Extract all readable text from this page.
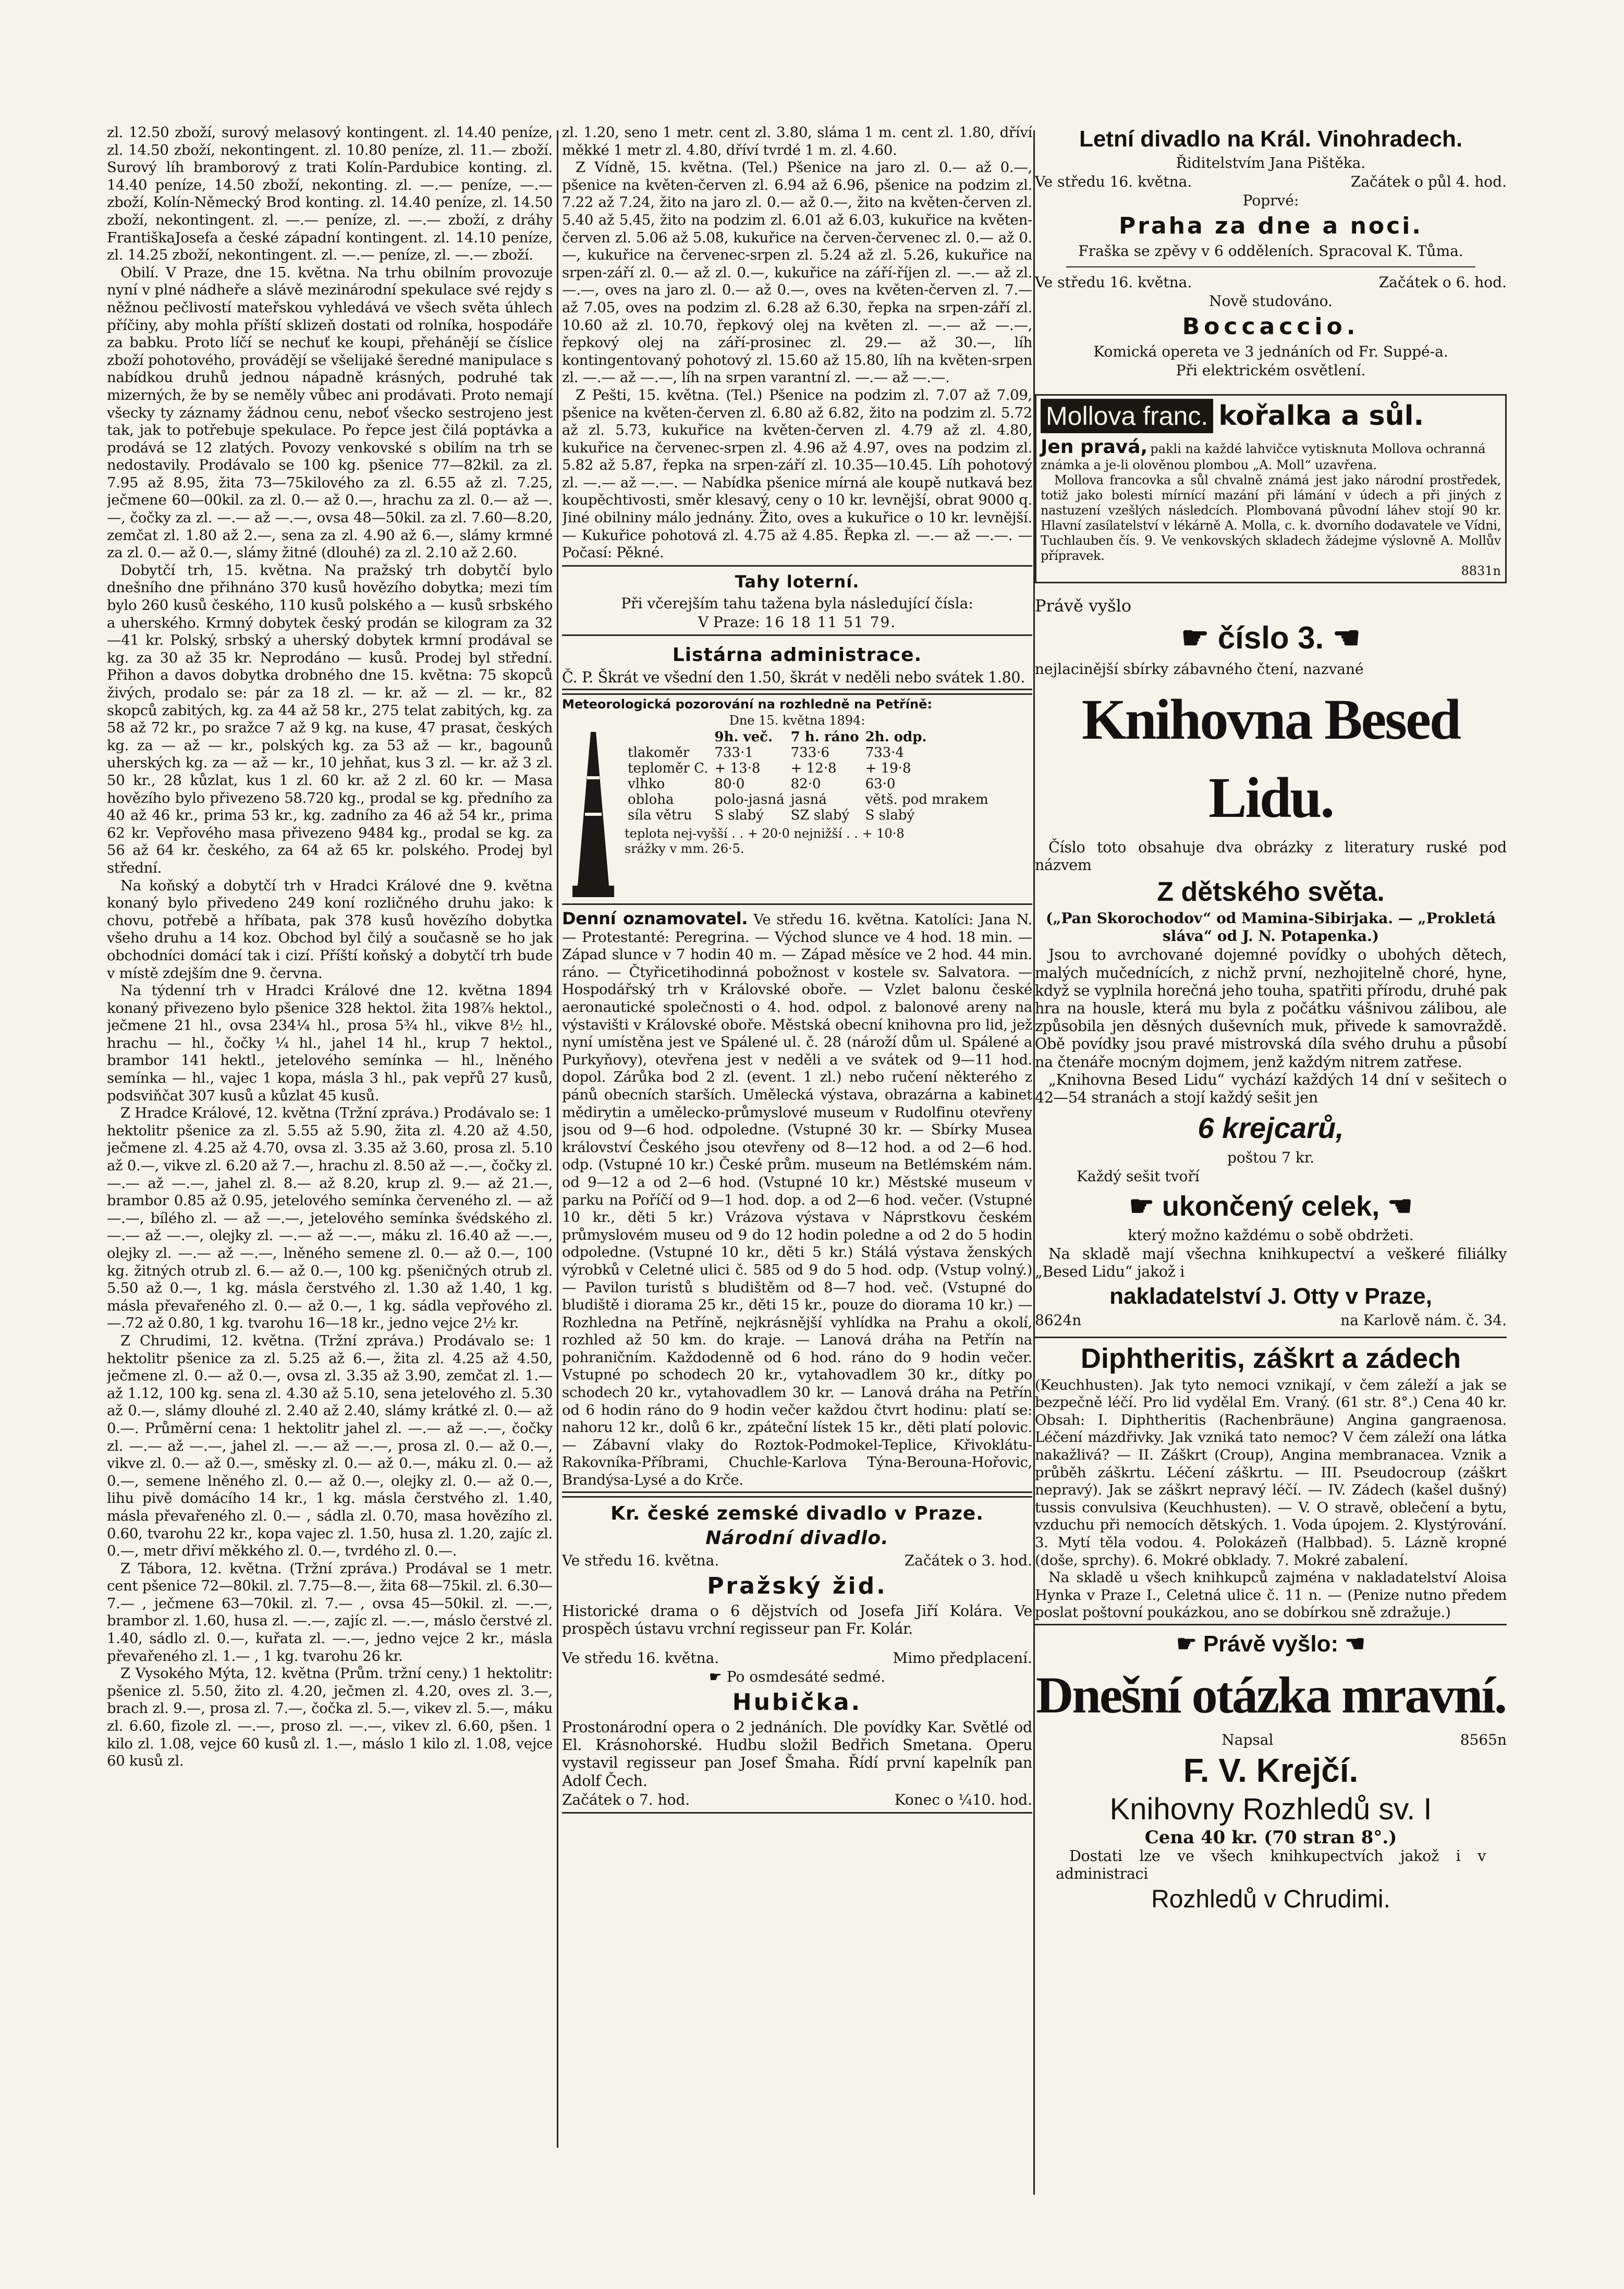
zl. 12.50 zboží, surový melasový kontingent. zl. 14.40 peníze, zl. 14.50 zboží, nekontingent. zl. 10.80 peníze, zl. 11.— zboží. Surový líh bramborový z trati Kolín-Pardubice konting. zl. 14.40 peníze, 14.50 zboží, nekonting. zl. —.— peníze, —.— zboží, Kolín-Německý Brod konting. zl. 14.40 peníze, zl. 14.50 zboží, nekontingent. zl. —.— peníze, zl. —.— zboží, z dráhy FrantiškaJosefa a české západní kontingent. zl. 14.10 peníze, zl. 14.25 zboží, nekontingent. zl. —.— peníze, zl. —.— zboží.

Obilí. V Praze, dne 15. května. Na trhu obilním provozuje nyní v plné nádheře a slávě mezinárodní spekulace své rejdy s něžnou pečlivostí mateřskou vyhledává ve všech světa úhlech příčiny, aby mohla příští sklizeň dostati od rolníka, hospodáře za babku. Proto líčí se nechuť ke koupi, přehánějí se číslice zboží pohotového, provádějí se všelijaké šeredné manipulace s nabídkou druhů jednou nápadně krásných, podruhé tak mizerných, že by se neměly vůbec ani prodávati. Proto nemají všecky ty záznamy žádnou cenu, neboť všecko sestrojeno jest tak, jak to potřebuje spekulace. Po řepce jest čilá poptávka a prodává se 12 zlatých. Povozy venkovské s obilím na trh se nedostavily. Prodávalo se 100 kg. pšenice 77—82kil. za zl. 7.95 až 8.95, žita 73—75kilového za zl. 6.55 až zl. 7.25, ječmene 60—00kil. za zl. 0.— až 0.—, hrachu za zl. 0.— až —.—, čočky za zl. —.— až —.—, ovsa 48—50kil. za zl. 7.60—8.20, zemčat zl. 1.80 až 2.—, sena za zl. 4.90 až 6.—, slámy krmné za zl. 0.— až 0.—, slámy žitné (dlouhé) za zl. 2.10 až 2.60.

Dobytčí trh, 15. května. Na pražský trh dobytčí bylo dnešního dne přihnáno 370 kusů hovězího dobytka; mezi tím bylo 260 kusů českého, 110 kusů polského a — kusů srbského a uherského. Krmný dobytek český prodán se kilogram za 32—41 kr. Polský, srbský a uherský dobytek krmní prodával se kg. za 30 až 35 kr. Neprodáno — kusů. Prodej byl střední. Přihon a davos dobytka drobného dne 15. května: 75 skopců živých, prodalo se: pár za 18 zl. — kr. až — zl. — kr., 82 skopců zabitých, kg. za 44 až 58 kr., 275 telat zabitých, kg. za 58 až 72 kr., po sražce 7 až 9 kg. na kuse, 47 prasat, českých kg. za — až — kr., polských kg. za 53 až — kr., bagounů uherských kg. za — až — kr., 10 jehňat, kus 3 zl. — kr. až 3 zl. 50 kr., 28 kůzlat, kus 1 zl. 60 kr. až 2 zl. 60 kr. — Masa hovězího bylo přivezeno 58.720 kg., prodal se kg. předního za 40 až 46 kr., prima 53 kr., kg. zadního za 46 až 54 kr., prima 62 kr. Vepřového masa přivezeno 9484 kg., prodal se kg. za 56 až 64 kr. českého, za 64 až 65 kr. polského. Prodej byl střední.

Na koňský a dobytčí trh v Hradci Králové dne 9. května konaný bylo přivedeno 249 koní rozličného druhu jako: k chovu, potřebě a hříbata, pak 378 kusů hovězího dobytka všeho druhu a 14 koz. Obchod byl čilý a současně se ho jak obchodníci domácí tak i cizí. Příští koňský a dobytčí trh bude v místě zdejším dne 9. června.

Na týdenní trh v Hradci Králové dne 12. května 1894 konaný přivezeno bylo pšenice 328 hektol. žita 198⅞ hektol., ječmene 21 hl., ovsa 234¼ hl., prosa 5¾ hl., vikve 8½ hl., hrachu — hl., čočky ¼ hl., jahel 14 hl., krup 7 hektol., brambor 141 hektl., jetelového semínka — hl., lněného semínka — hl., vajec 1 kopa, másla 3 hl., pak vepřů 27 kusů, podsviňčat 307 kusů a kůzlat 45 kusů.

Z Hradce Králové, 12. května (Tržní zpráva.) Prodávalo se: 1 hektolitr pšenice za zl. 5.55 až 5.90, žita zl. 4.20 až 4.50, ječmene zl. 4.25 až 4.70, ovsa zl. 3.35 až 3.60, prosa zl. 5.10 až 0.—, vikve zl. 6.20 až 7.—, hrachu zl. 8.50 až —.—, čočky zl. —.— až —.—, jahel zl. 8.— až 8.20, krup zl. 9.— až 21.—, brambor 0.85 až 0.95, jetelového semínka červeného zl. — až —.—, bílého zl. — až —.—, jetelového semínka švédského zl. —.— až —.—, olejky zl. —.— až —.—, máku zl. 16.40 až —.—, olejky zl. —.— až —.—, lněného semene zl. 0.— až 0.—, 100 kg. žitných otrub zl. 6.— až 0.—, 100 kg. pšeničných otrub zl. 5.50 až 0.—, 1 kg. másla čerstvého zl. 1.30 až 1.40, 1 kg. másla převařeného zl. 0.— až 0.—, 1 kg. sádla vepřového zl. —.72 až 0.80, 1 kg. tvarohu 16—18 kr., jedno vejce 2½ kr.

Z Chrudimi, 12. května. (Tržní zpráva.) Prodávalo se: 1 hektolitr pšenice za zl. 5.25 až 6.—, žita zl. 4.25 až 4.50, ječmene zl. 0.— až 0.—, ovsa zl. 3.35 až 3.90, zemčat zl. 1.— až 1.12, 100 kg. sena zl. 4.30 až 5.10, sena jetelového zl. 5.30 až 0.—, slámy dlouhé zl. 2.40 až 2.40, slámy krátké zl. 0.— až 0.—. Průměrní cena: 1 hektolitr jahel zl. —.— až —.—, čočky zl. —.— až —.—, jahel zl. —.— až —.—, prosa zl. 0.— až 0.—, vikve zl. 0.— až 0.—, směsky zl. 0.— až 0.—, máku zl. 0.— až 0.—, semene lněného zl. 0.— až 0.—, olejky zl. 0.— až 0.—, lihu pivě domácího 14 kr., 1 kg. másla čerstvého zl. 1.40, másla převařeného zl. 0.— , sádla zl. 0.70, masa hovězího zl. 0.60, tvarohu 22 kr., kopa vajec zl. 1.50, husa zl. 1.20, zajíc zl. 0.—, metr dřiví měkkého zl. 0.—, tvrdého zl. 0.—.

Z Tábora, 12. května. (Tržní zpráva.) Prodával se 1 metr. cent pšenice 72—80kil. zl. 7.75—8.—, žita 68—75kil. zl. 6.30—7.— , ječmene 63—70kil. zl. 7.— , ovsa 45—50kil. zl. —.—, brambor zl. 1.60, husa zl. —.—, zajíc zl. —.—, máslo čerstvé zl. 1.40, sádlo zl. 0.—, kuřata zl. —.—, jedno vejce 2 kr., másla převařeného zl. 1.— , 1 kg. tvarohu 26 kr.

Z Vysokého Mýta, 12. května (Prům. tržní ceny.) 1 hektolitr: pšenice zl. 5.50, žito zl. 4.20, ječmen zl. 4.20, oves zl. 3.—, brach zl. 9.—, prosa zl. 7.—, čočka zl. 5.—, vikev zl. 5.—, máku zl. 6.60, fizole zl. —.—, proso zl. —.—, vikev zl. 6.60, pšen. 1 kilo zl. 1.08, vejce 60 kusů zl. 1.—, máslo 1 kilo zl. 1.08, vejce 60 kusů zl.

zl. 1.20, seno 1 metr. cent zl. 3.80, sláma 1 m. cent zl. 1.80, dříví měkké 1 metr zl. 4.80, dříví tvrdé 1 m. zl. 4.60.

Z Vídně, 15. května. (Tel.) Pšenice na jaro zl. 0.— až 0.—, pšenice na květen-červen zl. 6.94 až 6.96, pšenice na podzim zl. 7.22 až 7.24, žito na jaro zl. 0.— až 0.—, žito na květen-červen zl. 5.40 až 5.45, žito na podzim zl. 6.01 až 6.03, kukuřice na květen-červen zl. 5.06 až 5.08, kukuřice na červen-červenec zl. 0.— až 0.—, kukuřice na červenec-srpen zl. 5.24 až zl. 5.26, kukuřice na srpen-září zl. 0.— až zl. 0.—, kukuřice na září-říjen zl. —.— až zl. —.—, oves na jaro zl. 0.— až 0.—, oves na květen-červen zl. 7.— až 7.05, oves na podzim zl. 6.28 až 6.30, řepka na srpen-září zl. 10.60 až zl. 10.70, řepkový olej na květen zl. —.— až —.—, řepkový olej na září-prosinec zl. 29.— až 30.—, líh kontingentovaný pohotový zl. 15.60 až 15.80, líh na květen-srpen zl. —.— až —.—, líh na srpen varantní zl. —.— až —.—.

Z Pešti, 15. května. (Tel.) Pšenice na podzim zl. 7.07 až 7.09, pšenice na květen-červen zl. 6.80 až 6.82, žito na podzim zl. 5.72 až zl. 5.73, kukuřice na květen-červen zl. 4.79 až zl. 4.80, kukuřice na červenec-srpen zl. 4.96 až 4.97, oves na podzim zl. 5.82 až 5.87, řepka na srpen-září zl. 10.35—10.45. Líh pohotový zl. —.— až —.—. — Nabídka pšenice mírná ale koupě nutkavá bez koupěchtivosti, směr klesavý, ceny o 10 kr. levnější, obrat 9000 q. Jiné obilniny málo jednány. Žito, oves a kukuřice o 10 kr. levnější. — Kukuřice pohotová zl. 4.75 až 4.85. Řepka zl. —.— až —.—. — Počasí: Pěkné.

Tahy loterní.
Při včerejším tahu tažena byla následující čísla:
V Praze: 16 18 11 51 79.
Listárna administrace.

Č. P. Škrát ve všední den 1.50, škrát v neděli nebo svátek 1.80.

Meteorologická pozorování na rozhledně na Petříně:
Dne 15. května 1894:
	9h. več.	7 h. ráno	2h. odp.
tlakoměr	733·1	733·6	733·4
teploměr C.	+ 13·8	+ 12·8	+ 19·8
vlhko	80·0	82·0	63·0
obloha	polo-jasná	jasná	větš. pod mrakem
síla větru	S slabý	SZ slabý	S slabý
teplota nej-vyšší . . + 20·0 nejnižší . . + 10·8
srážky v mm. 26·5.

Denní oznamovatel. Ve středu 16. května. Katolíci: Jana N. — Protestanté: Peregrina. — Východ slunce ve 4 hod. 18 min. — Západ slunce v 7 hodin 40 m. — Západ měsíce ve 2 hod. 44 min. ráno. — Čtyřicetihodinná pobožnost v kostele sv. Salvatora. — Hospodářský trh v Královské oboře. — Vzlet balonu české aeronautické společnosti o 4. hod. odpol. z balonové areny na výstavišti v Královské oboře. Městská obecní knihovna pro lid, jež nyní umístěna jest ve Spálené ul. č. 28 (nároží dům ul. Spálené a Purkyňovy), otevřena jest v neděli a ve svátek od 9—11 hod. dopol. Zárůka bod 2 zl. (event. 1 zl.) nebo ručení některého z pánů obecních starších. Umělecká výstava, obrazárna a kabinet mědirytin a umělecko-průmyslové museum v Rudolfinu otevřeny jsou od 9—6 hod. odpoledne. (Vstupné 30 kr. — Sbírky Musea království Českého jsou otevřeny od 8—12 hod. a od 2—6 hod. odp. (Vstupné 10 kr.) České prům. museum na Betlémském nám. od 9—12 a od 2—6 hod. (Vstupné 10 kr.) Městské museum v parku na Poříčí od 9—1 hod. dop. a od 2—6 hod. večer. (Vstupné 10 kr., děti 5 kr.) Vrázova výstava v Náprstkovu českém průmyslovém museu od 9 do 12 hodin poledne a od 2 do 5 hodin odpoledne. (Vstupné 10 kr., děti 5 kr.) Stálá výstava ženských výrobků v Celetné ulici č. 585 od 9 do 5 hod. odp. (Vstup volný.) — Pavilon turistů s bludištěm od 8—7 hod. več. (Vstupné do bludiště i diorama 25 kr., děti 15 kr., pouze do diorama 10 kr.) — Rozhledna na Petříně, nejkrásnější vyhlídka na Prahu a okolí, rozhled až 50 km. do kraje. — Lanová dráha na Petřín na pohraničním. Každodenně od 6 hod. ráno do 9 hodin večer. Vstupné po schodech 20 kr., vytahovadlem 30 kr., dítky po schodech 20 kr., vytahovadlem 30 kr. — Lanová dráha na Petřín od 6 hodin ráno do 9 hodin večer každou čtvrt hodinu: platí se: nahoru 12 kr., dolů 6 kr., zpáteční lístek 15 kr., děti platí polovic. — Zábavní vlaky do Roztok-Podmokel-Teplice, Křivoklátu-Rakovníka-Příbrami, Chuchle-Karlova Týna-Berouna-Hořovic, Brandýsa-Lysé a do Krče.

Kr. české zemské divadlo v Praze.
Národní divadlo.
Ve středu 16. května.	Začátek o 3. hod.
Pražský žid.

Historické drama o 6 dějstvích od Josefa Jiří Kolára. Ve prospěch ústavu vrchní regisseur pan Fr. Kolár.

Ve středu 16. května.	Mimo předplacení.
☛ Po osmdesáté sedmé.
Hubička.

Prostonárodní opera o 2 jednáních. Dle povídky Kar. Světlé od El. Krásnohorské. Hudbu složil Bedřich Smetana. Operu vystavil regisseur pan Josef Šmaha. Řídí první kapelník pan Adolf Čech.

Začátek o 7. hod.	Konec o ¼10. hod.
Letní divadlo na Král. Vinohradech.
Řiditelstvím Jana Pištěka.
Ve středu 16. května.	Začátek o půl 4. hod.
Poprvé:
Praha za dne a noci.
Fraška se zpěvy v 6 odděleních. Spracoval K. Tůma.
Ve středu 16. května.	Začátek o 6. hod.
Nově studováno.
Boccaccio.
Komická opereta ve 3 jednáních od Fr. Suppé-a.
Při elektrickém osvětlení.
Mollova franc. kořalka a sůl.
Jen pravá, pakli na každé lahvičce vytisknuta Mollova ochranná známka a je-li olověnou plombou „A. Moll“ uzavřena.

Mollova francovka a sůl chvalně známá jest jako národní prostředek, totiž jako bolesti mírnící mazání při lámání v údech a při jiných z nastuzení vzešlých následcích. Plombovaná původní láhev stojí 90 kr. Hlavní zasílatelství v lékárně A. Molla, c. k. dvorního dodavatele ve Vídni, Tuchlauben čís. 9. Ve venkovských skladech žádejme výslovně A. Mollův přípravek.

8831n
Právě vyšlo
☛ číslo 3. ☚
nejlacinější sbírky zábavného čtení, nazvané
Knihovna Besed Lidu.

Číslo toto obsahuje dva obrázky z literatury ruské pod názvem

Z dětského světa.
(„Pan Skorochodov“ od Mamina-Sibirjaka. — „Prokletá sláva“ od J. N. Potapenka.)

Jsou to avrchované dojemné povídky o ubohých dětech, malých mučednících, z nichž první, nezhojitelně choré, hyne, když se vyplnila horečná jeho touha, spatřiti přírodu, druhé pak hra na housle, která mu byla z počátku vášnivou zálibou, ale způsobila jen děsných duševních muk, přivede k samovraždě. Obě povídky jsou pravé mistrovská díla svého druhu a působí na čtenáře mocným dojmem, jenž každým nitrem zatřese.

„Knihovna Besed Lidu“ vychází každých 14 dní v sešitech o 42—54 stranách a stojí každý sešit jen

6 krejcarů,
poštou 7 kr.
Každý sešit tvoří
☛ ukončený celek, ☚
který možno každému o sobě obdržeti.

Na skladě mají všechna knihkupectví a veškeré filiálky „Besed Lidu“ jakož i

nakladatelství J. Otty v Praze,
8624n	na Karlově nám. č. 34.
Diphtheritis, záškrt a zádech

(Keuchhusten). Jak tyto nemoci vznikají, v čem záleží a jak se bezpečně léčí. Pro lid vydělal Em. Vraný. (61 str. 8°.) Cena 40 kr. Obsah: I. Diphtheritis (Rachenbräune) Angina gangraenosa. Léčení mázdřivky. Jak vzniká tato nemoc? V čem záleží ona látka nakažlivá? — II. Záškrt (Croup), Angina membranacea. Vznik a průběh záškrtu. Léčení záškrtu. — III. Pseudocroup (záškrt nepravý). Jak se záškrt nepravý léčí. — IV. Zádech (kašel dušný) tussis convulsiva (Keuchhusten). — V. O stravě, oblečení a bytu, vzduchu při nemocích dětských. 1. Voda úpojem. 2. Klystýrování. 3. Mytí těla vodou. 4. Polokázeň (Halbbad). 5. Lázně kropné (doše, sprchy). 6. Mokré obklady. 7. Mokré zabalení.

Na skladě u všech knihkupců zajména v nakladatelství Aloisa Hynka v Praze I., Celetná ulice č. 11 n. — (Penize nutno předem poslat poštovní poukázkou, ano se dobírkou sně zdražuje.)

☛ Právě vyšlo: ☚
Dnešní otázka mravní.
Napsal	8565n
F. V. Krejčí.
Knihovny Rozhledů sv. I
Cena 40 kr. (70 stran 8°.)

Dostati lze ve všech knihkupectvích jakož i v administraci

Rozhledů v Chrudimi.
